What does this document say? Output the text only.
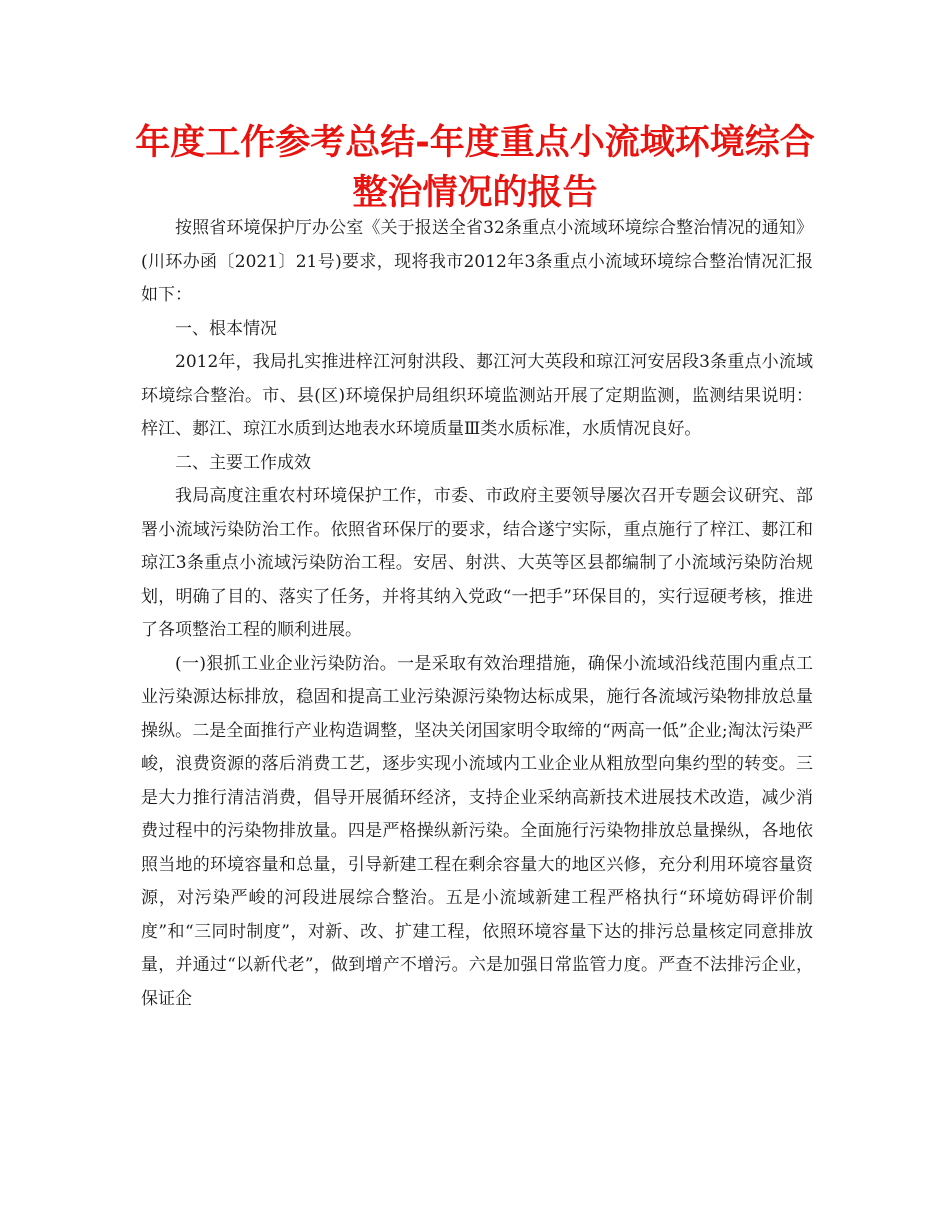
年度工作参考总结-年度重点小流域环境综合整治情况的报告

按照省环境保护厅办公室《关于报送全省32条重点小流域环境综合整治情况的通知》(川环办函〔2021〕21号)要求，现将我市2012年3条重点小流域环境综合整治情况汇报如下：

一、根本情况

2012年，我局扎实推进梓江河射洪段、郪江河大英段和琼江河安居段3条重点小流域环境综合整治。市、县(区)环境保护局组织环境监测站开展了定期监测，监测结果说明：梓江、郪江、琼江水质到达地表水环境质量Ⅲ类水质标准，水质情况良好。

二、主要工作成效

我局高度注重农村环境保护工作，市委、市政府主要领导屡次召开专题会议研究、部署小流域污染防治工作。依照省环保厅的要求，结合遂宁实际，重点施行了梓江、郪江和琼江3条重点小流域污染防治工程。安居、射洪、大英等区县都编制了小流域污染防治规划，明确了目的、落实了任务，并将其纳入党政“一把手”环保目的，实行逗硬考核，推进了各项整治工程的顺利进展。

(一)狠抓工业企业污染防治。一是采取有效治理措施，确保小流域沿线范围内重点工业污染源达标排放，稳固和提高工业污染源污染物达标成果，施行各流域污染物排放总量操纵。二是全面推行产业构造调整，坚决关闭国家明令取缔的“两高一低”企业;淘汰污染严峻，浪费资源的落后消费工艺，逐步实现小流域内工业企业从粗放型向集约型的转变。三是大力推行清洁消费，倡导开展循环经济，支持企业采纳高新技术进展技术改造，减少消费过程中的污染物排放量。四是严格操纵新污染。全面施行污染物排放总量操纵，各地依照当地的环境容量和总量，引导新建工程在剩余容量大的地区兴修，充分利用环境容量资源，对污染严峻的河段进展综合整治。五是小流域新建工程严格执行“环境妨碍评价制度”和“三同时制度”，对新、改、扩建工程，依照环境容量下达的排污总量核定同意排放量，并通过“以新代老”，做到增产不增污。六是加强日常监管力度。严查不法排污企业，保证企
